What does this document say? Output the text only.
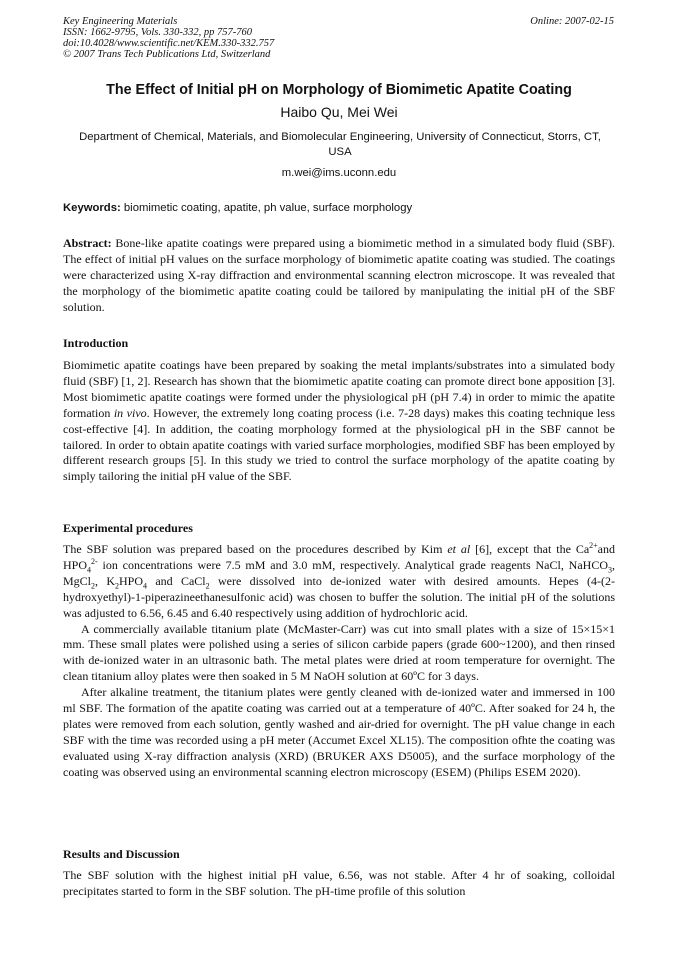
Key Engineering Materials
ISSN: 1662-9795, Vols. 330-332, pp 757-760
doi:10.4028/www.scientific.net/KEM.330-332.757
© 2007 Trans Tech Publications Ltd, Switzerland
Online: 2007-02-15
The Effect of Initial pH on Morphology of Biomimetic Apatite Coating
Haibo Qu, Mei Wei
Department of Chemical, Materials, and Biomolecular Engineering, University of Connecticut, Storrs, CT, USA
m.wei@ims.uconn.edu
Keywords: biomimetic coating, apatite, ph value, surface morphology

Abstract: Bone-like apatite coatings were prepared using a biomimetic method in a simulated body fluid (SBF). The effect of initial pH values on the surface morphology of biomimetic apatite coating was studied. The coatings were characterized using X-ray diffraction and environmental scanning electron microscope. It was revealed that the morphology of the biomimetic apatite coating could be tailored by manipulating the initial pH of the SBF solution.

Introduction

Biomimetic apatite coatings have been prepared by soaking the metal implants/substrates into a simulated body fluid (SBF) [1, 2]. Research has shown that the biomimetic apatite coating can promote direct bone apposition [3]. Most biomimetic apatite coatings were formed under the physiological pH (pH 7.4) in order to mimic the apatite formation in vivo. However, the extremely long coating process (i.e. 7-28 days) makes this coating technique less cost-effective [4]. In addition, the coating morphology formed at the physiological pH in the SBF cannot be tailored. In order to obtain apatite coatings with varied surface morphologies, modified SBF has been employed by different research groups [5]. In this study we tried to control the surface morphology of the apatite coating by simply tailoring the initial pH value of the SBF.

Experimental procedures

The SBF solution was prepared based on the procedures described by Kim et al [6], except that the $Ca^{2+}and$ $HPO_4^{2-}$ ion concentrations were 7.5 mM and 3.0 mM, respectively. Analytical grade reagents NaCl, NaHCO$_3$, MgCl$_2$, $K_2HPO_4$ and CaCl$_2$ were dissolved into de-ionized water with desired amounts. Hepes (4-(2-hydroxyethyl)-1-piperazineethanesulfonic acid) was chosen to buffer the solution. The initial pH of the solutions was adjusted to 6.56, 6.45 and 6.40 respectively using addition of hydrochloric acid.

A commercially available titanium plate (McMaster-Carr) was cut into small plates with a size of 15×15×1 mm. These small plates were polished using a series of silicon carbide papers (grade 600~1200), and then rinsed with de-ionized water in an ultrasonic bath. The metal plates were dried at room temperature for overnight. The clean titanium alloy plates were then soaked in 5 M NaOH solution at 60ºC for 3 days.

After alkaline treatment, the titanium plates were gently cleaned with de-ionized water and immersed in 100 ml SBF. The formation of the apatite coating was carried out at a temperature of 40ºC. After soaked for 24 h, the plates were removed from each solution, gently washed and air-dried for overnight. The pH value change in each SBF with the time was recorded using a pH meter (Accumet Excel XL15). The composition ofhte the coating was evaluated using X-ray diffraction analysis (XRD) (BRUKER AXS D5005), and the surface morphology of the coating was observed using an environmental scanning electron microscopy (ESEM) (Philips ESEM 2020).

Results and Discussion

The SBF solution with the highest initial pH value, 6.56, was not stable. After 4 hr of soaking, colloidal precipitates started to form in the SBF solution. The pH-time profile of this solution
